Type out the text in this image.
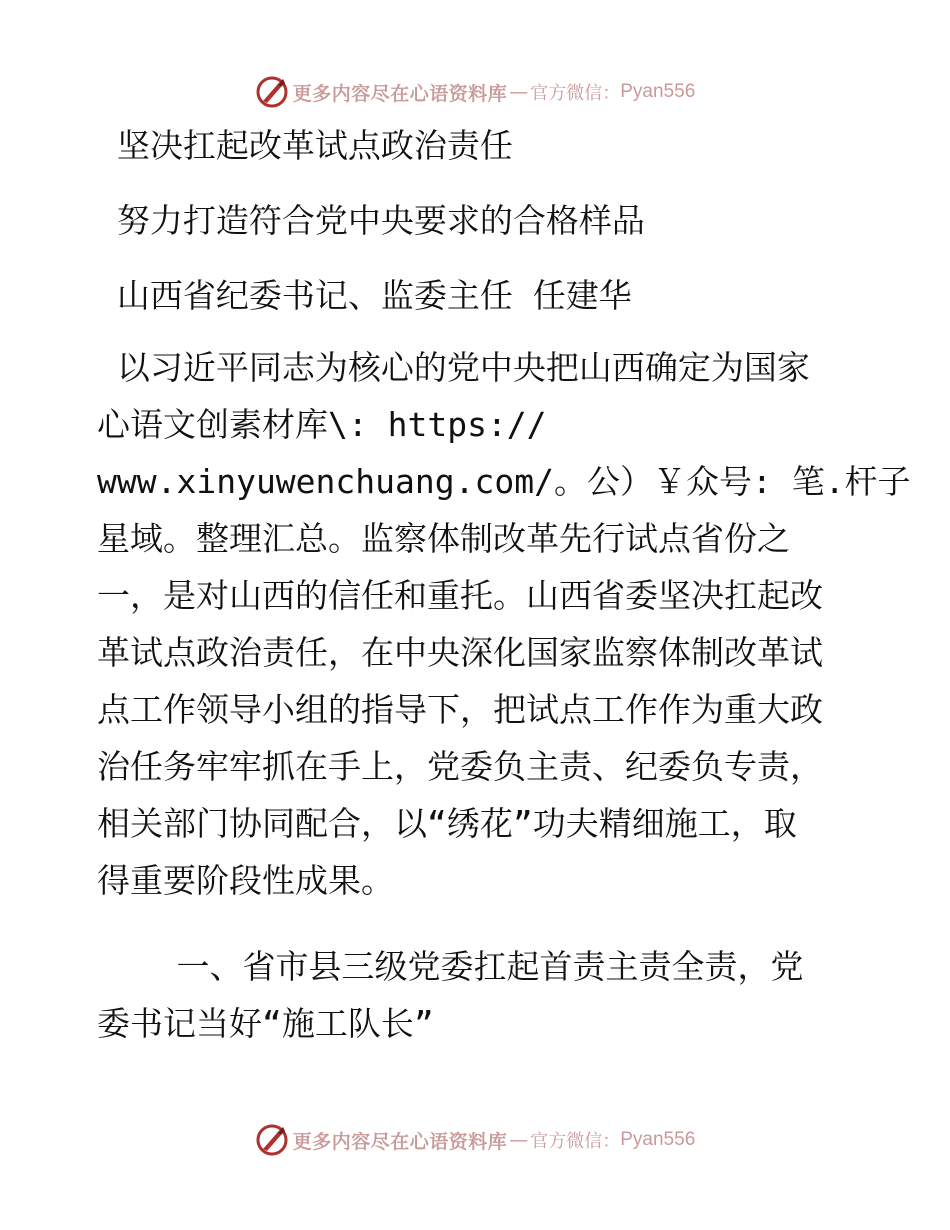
更多内容尽在心语资料库 — 官方微信： Pyan556
坚决扛起改革试点政治责任
努力打造符合党中央要求的合格样品
山西省纪委书记、监委主任 任建华
以习近平同志为核心的党中央把山西确定为国家
心语文创素材库\: https://
www.xinyuwenchuang.com/。公）￥众号: 笔.杆子
星域。整理汇总。监察体制改革先行试点省份之
一，是对山西的信任和重托。山西省委坚决扛起改
革试点政治责任，在中央深化国家监察体制改革试
点工作领导小组的指导下，把试点工作作为重大政
治任务牢牢抓在手上，党委负主责、纪委负专责，
相关部门协同配合，以“绣花”功夫精细施工，取
得重要阶段性成果。
一、省市县三级党委扛起首责主责全责，党
委书记当好“施工队长”
更多内容尽在心语资料库 — 官方微信： Pyan556
